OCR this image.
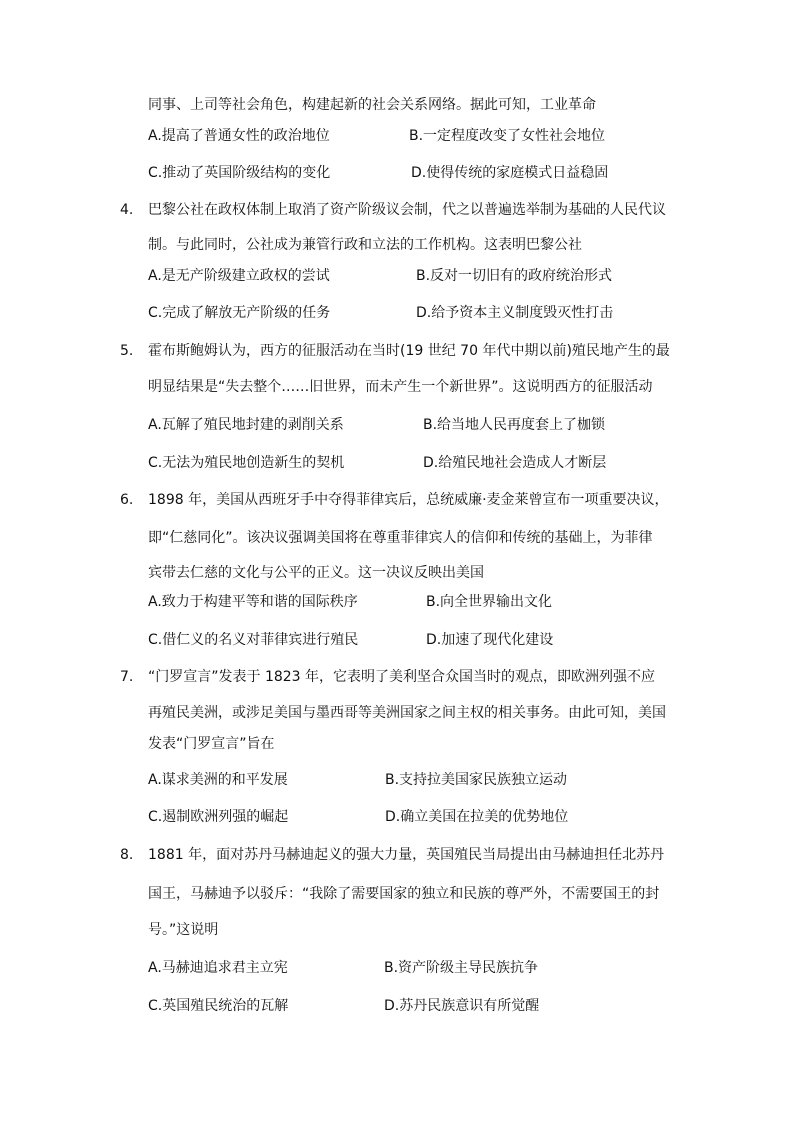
同事、上司等社会角色，构建起新的社会关系网络。据此可知，工业革命
A.提高了普通女性的政治地位	B.一定程度改变了女性社会地位
C.推动了英国阶级结构的变化	D.使得传统的家庭模式日益稳固
4. 巴黎公社在政权体制上取消了资产阶级议会制，代之以普遍选举制为基础的人民代议
制。与此同时，公社成为兼管行政和立法的工作机构。这表明巴黎公社
A.是无产阶级建立政权的尝试	B.反对一切旧有的政府统治形式
C.完成了解放无产阶级的任务	D.给予资本主义制度毁灭性打击
5. 霍布斯鲍姆认为，西方的征服活动在当时(19 世纪 70 年代中期以前)殖民地产生的最
明显结果是“失去整个……旧世界，而未产生一个新世界”。这说明西方的征服活动
A.瓦解了殖民地封建的剥削关系	B.给当地人民再度套上了枷锁
C.无法为殖民地创造新生的契机	D.给殖民地社会造成人才断层
6. 1898 年，美国从西班牙手中夺得菲律宾后，总统威廉·麦金莱曾宣布一项重要决议，
即“仁慈同化”。该决议强调美国将在尊重菲律宾人的信仰和传统的基础上，为菲律
宾带去仁慈的文化与公平的正义。这一决议反映出美国
A.致力于构建平等和谐的国际秩序	B.向全世界输出文化
C.借仁义的名义对菲律宾进行殖民	D.加速了现代化建设
7. “门罗宣言”发表于 1823 年，它表明了美利坚合众国当时的观点，即欧洲列强不应
再殖民美洲，或涉足美国与墨西哥等美洲国家之间主权的相关事务。由此可知，美国
发表“门罗宣言”旨在
A.谋求美洲的和平发展	B.支持拉美国家民族独立运动
C.遏制欧洲列强的崛起	D.确立美国在拉美的优势地位
8. 1881 年，面对苏丹马赫迪起义的强大力量，英国殖民当局提出由马赫迪担任北苏丹
国王，马赫迪予以驳斥：“我除了需要国家的独立和民族的尊严外，不需要国王的封
号。”这说明
A.马赫迪追求君主立宪	B.资产阶级主导民族抗争
C.英国殖民统治的瓦解	D.苏丹民族意识有所觉醒
